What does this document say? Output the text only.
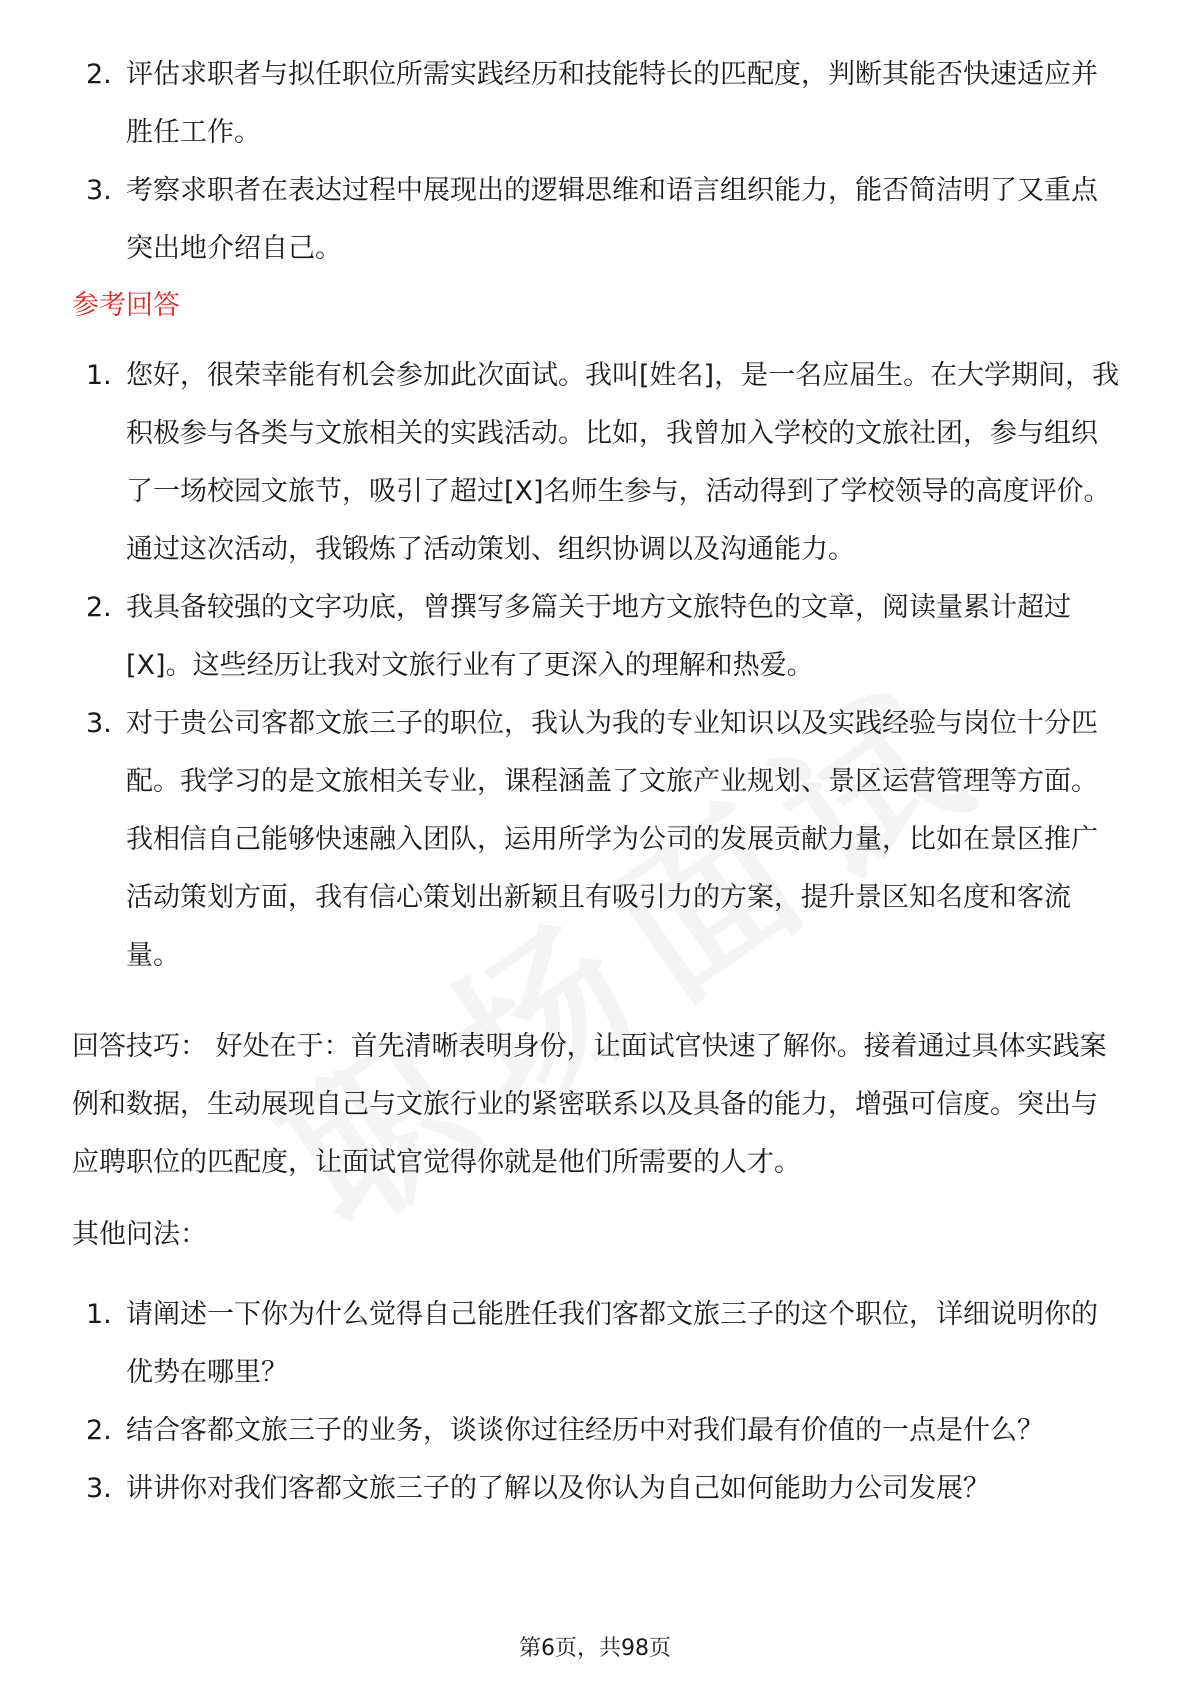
2. 评估求职者与拟任职位所需实践经历和技能特长的匹配度，判断其能否快速适应并胜任工作。
3. 考察求职者在表达过程中展现出的逻辑思维和语言组织能力，能否简洁明了又重点突出地介绍自己。
参考回答
1. 您好，很荣幸能有机会参加此次面试。我叫[姓名]，是一名应届生。在大学期间，我积极参与各类与文旅相关的实践活动。比如，我曾加入学校的文旅社团，参与组织了一场校园文旅节，吸引了超过[X]名师生参与，活动得到了学校领导的高度评价。通过这次活动，我锻炼了活动策划、组织协调以及沟通能力。
2. 我具备较强的文字功底，曾撰写多篇关于地方文旅特色的文章，阅读量累计超过[X]。这些经历让我对文旅行业有了更深入的理解和热爱。
3. 对于贵公司客都文旅三子的职位，我认为我的专业知识以及实践经验与岗位十分匹配。我学习的是文旅相关专业，课程涵盖了文旅产业规划、景区运营管理等方面。我相信自己能够快速融入团队，运用所学为公司的发展贡献力量，比如在景区推广活动策划方面，我有信心策划出新颖且有吸引力的方案，提升景区知名度和客流量。
回答技巧： 好处在于：首先清晰表明身份，让面试官快速了解你。接着通过具体实践案例和数据，生动展现自己与文旅行业的紧密联系以及具备的能力，增强可信度。突出与应聘职位的匹配度，让面试官觉得你就是他们所需要的人才。
其他问法：
1. 请阐述一下你为什么觉得自己能胜任我们客都文旅三子的这个职位，详细说明你的优势在哪里？
2. 结合客都文旅三子的业务，谈谈你过往经历中对我们最有价值的一点是什么？
3. 讲讲你对我们客都文旅三子的了解以及你认为自己如何能助力公司发展？
第6页，共98页
